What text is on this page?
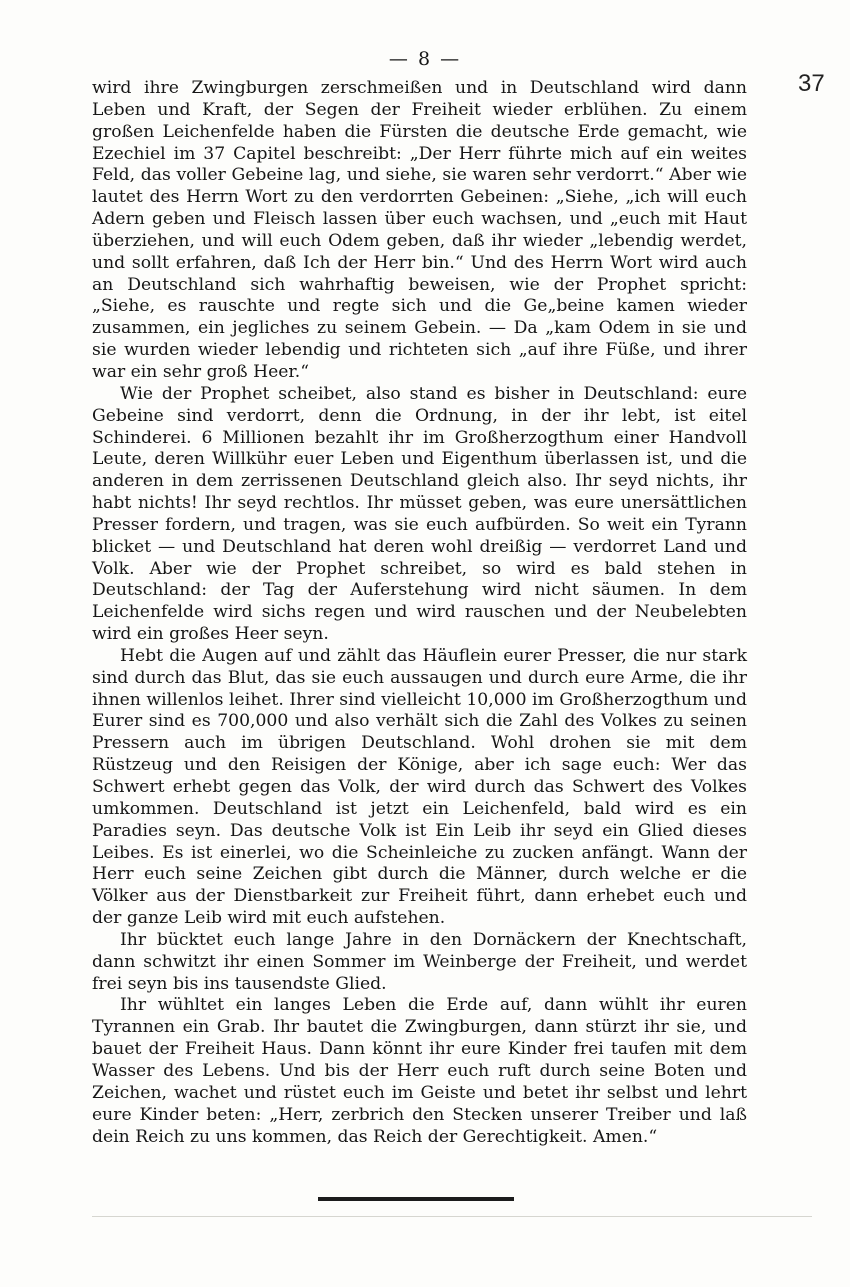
— 8 —
37

wird ihre Zwingburgen zerschmeißen und in Deutschland wird dann Leben und Kraft, der Segen der Freiheit wieder erblühen. Zu einem großen Leichenfelde haben die Fürsten die deutsche Erde gemacht, wie Ezechiel im 37 Capitel beschreibt: „Der Herr führte mich auf ein weites Feld, das voller Gebeine lag, und siehe, sie waren sehr verdorrt.“ Aber wie lautet des Herrn Wort zu den verdorrten Gebeinen: „Siehe, „ich will euch Adern geben und Fleisch lassen über euch wachsen, und „euch mit Haut überziehen, und will euch Odem geben, daß ihr wieder „lebendig werdet, und sollt erfahren, daß Ich der Herr bin.“ Und des Herrn Wort wird auch an Deutschland sich wahrhaftig beweisen, wie der Prophet spricht: „Siehe, es rauschte und regte sich und die Ge„beine kamen wieder zusammen, ein jegliches zu seinem Gebein. — Da „kam Odem in sie und sie wurden wieder lebendig und richteten sich „auf ihre Füße, und ihrer war ein sehr groß Heer.“

Wie der Prophet scheibet, also stand es bisher in Deutschland: eure Gebeine sind verdorrt, denn die Ordnung, in der ihr lebt, ist eitel Schinderei. 6 Millionen bezahlt ihr im Großherzogthum einer Handvoll Leute, deren Willkühr euer Leben und Eigenthum überlassen ist, und die anderen in dem zerrissenen Deutschland gleich also. Ihr seyd nichts, ihr habt nichts! Ihr seyd rechtlos. Ihr müsset geben, was eure unersättlichen Presser fordern, und tragen, was sie euch aufbürden. So weit ein Tyrann blicket — und Deutschland hat deren wohl dreißig — verdorret Land und Volk. Aber wie der Prophet schreibet, so wird es bald stehen in Deutschland: der Tag der Auferstehung wird nicht säumen. In dem Leichenfelde wird sichs regen und wird rauschen und der Neubelebten wird ein großes Heer seyn.

Hebt die Augen auf und zählt das Häuflein eurer Presser, die nur stark sind durch das Blut, das sie euch aussaugen und durch eure Arme, die ihr ihnen willenlos leihet. Ihrer sind vielleicht 10,000 im Großherzogthum und Eurer sind es 700,000 und also verhält sich die Zahl des Volkes zu seinen Pressern auch im übrigen Deutschland. Wohl drohen sie mit dem Rüstzeug und den Reisigen der Könige, aber ich sage euch: Wer das Schwert erhebt gegen das Volk, der wird durch das Schwert des Volkes umkommen. Deutschland ist jetzt ein Leichenfeld, bald wird es ein Paradies seyn. Das deutsche Volk ist Ein Leib ihr seyd ein Glied dieses Leibes. Es ist einerlei, wo die Scheinleiche zu zucken anfängt. Wann der Herr euch seine Zeichen gibt durch die Männer, durch welche er die Völker aus der Dienstbarkeit zur Freiheit führt, dann erhebet euch und der ganze Leib wird mit euch aufstehen.

Ihr bücktet euch lange Jahre in den Dornäckern der Knechtschaft, dann schwitzt ihr einen Sommer im Weinberge der Freiheit, und werdet frei seyn bis ins tausendste Glied.

Ihr wühltet ein langes Leben die Erde auf, dann wühlt ihr euren Tyrannen ein Grab. Ihr bautet die Zwingburgen, dann stürzt ihr sie, und bauet der Freiheit Haus. Dann könnt ihr eure Kinder frei taufen mit dem Wasser des Lebens. Und bis der Herr euch ruft durch seine Boten und Zeichen, wachet und rüstet euch im Geiste und betet ihr selbst und lehrt eure Kinder beten: „Herr, zerbrich den Stecken unserer Treiber und laß dein Reich zu uns kommen, das Reich der Gerechtigkeit. Amen.“
